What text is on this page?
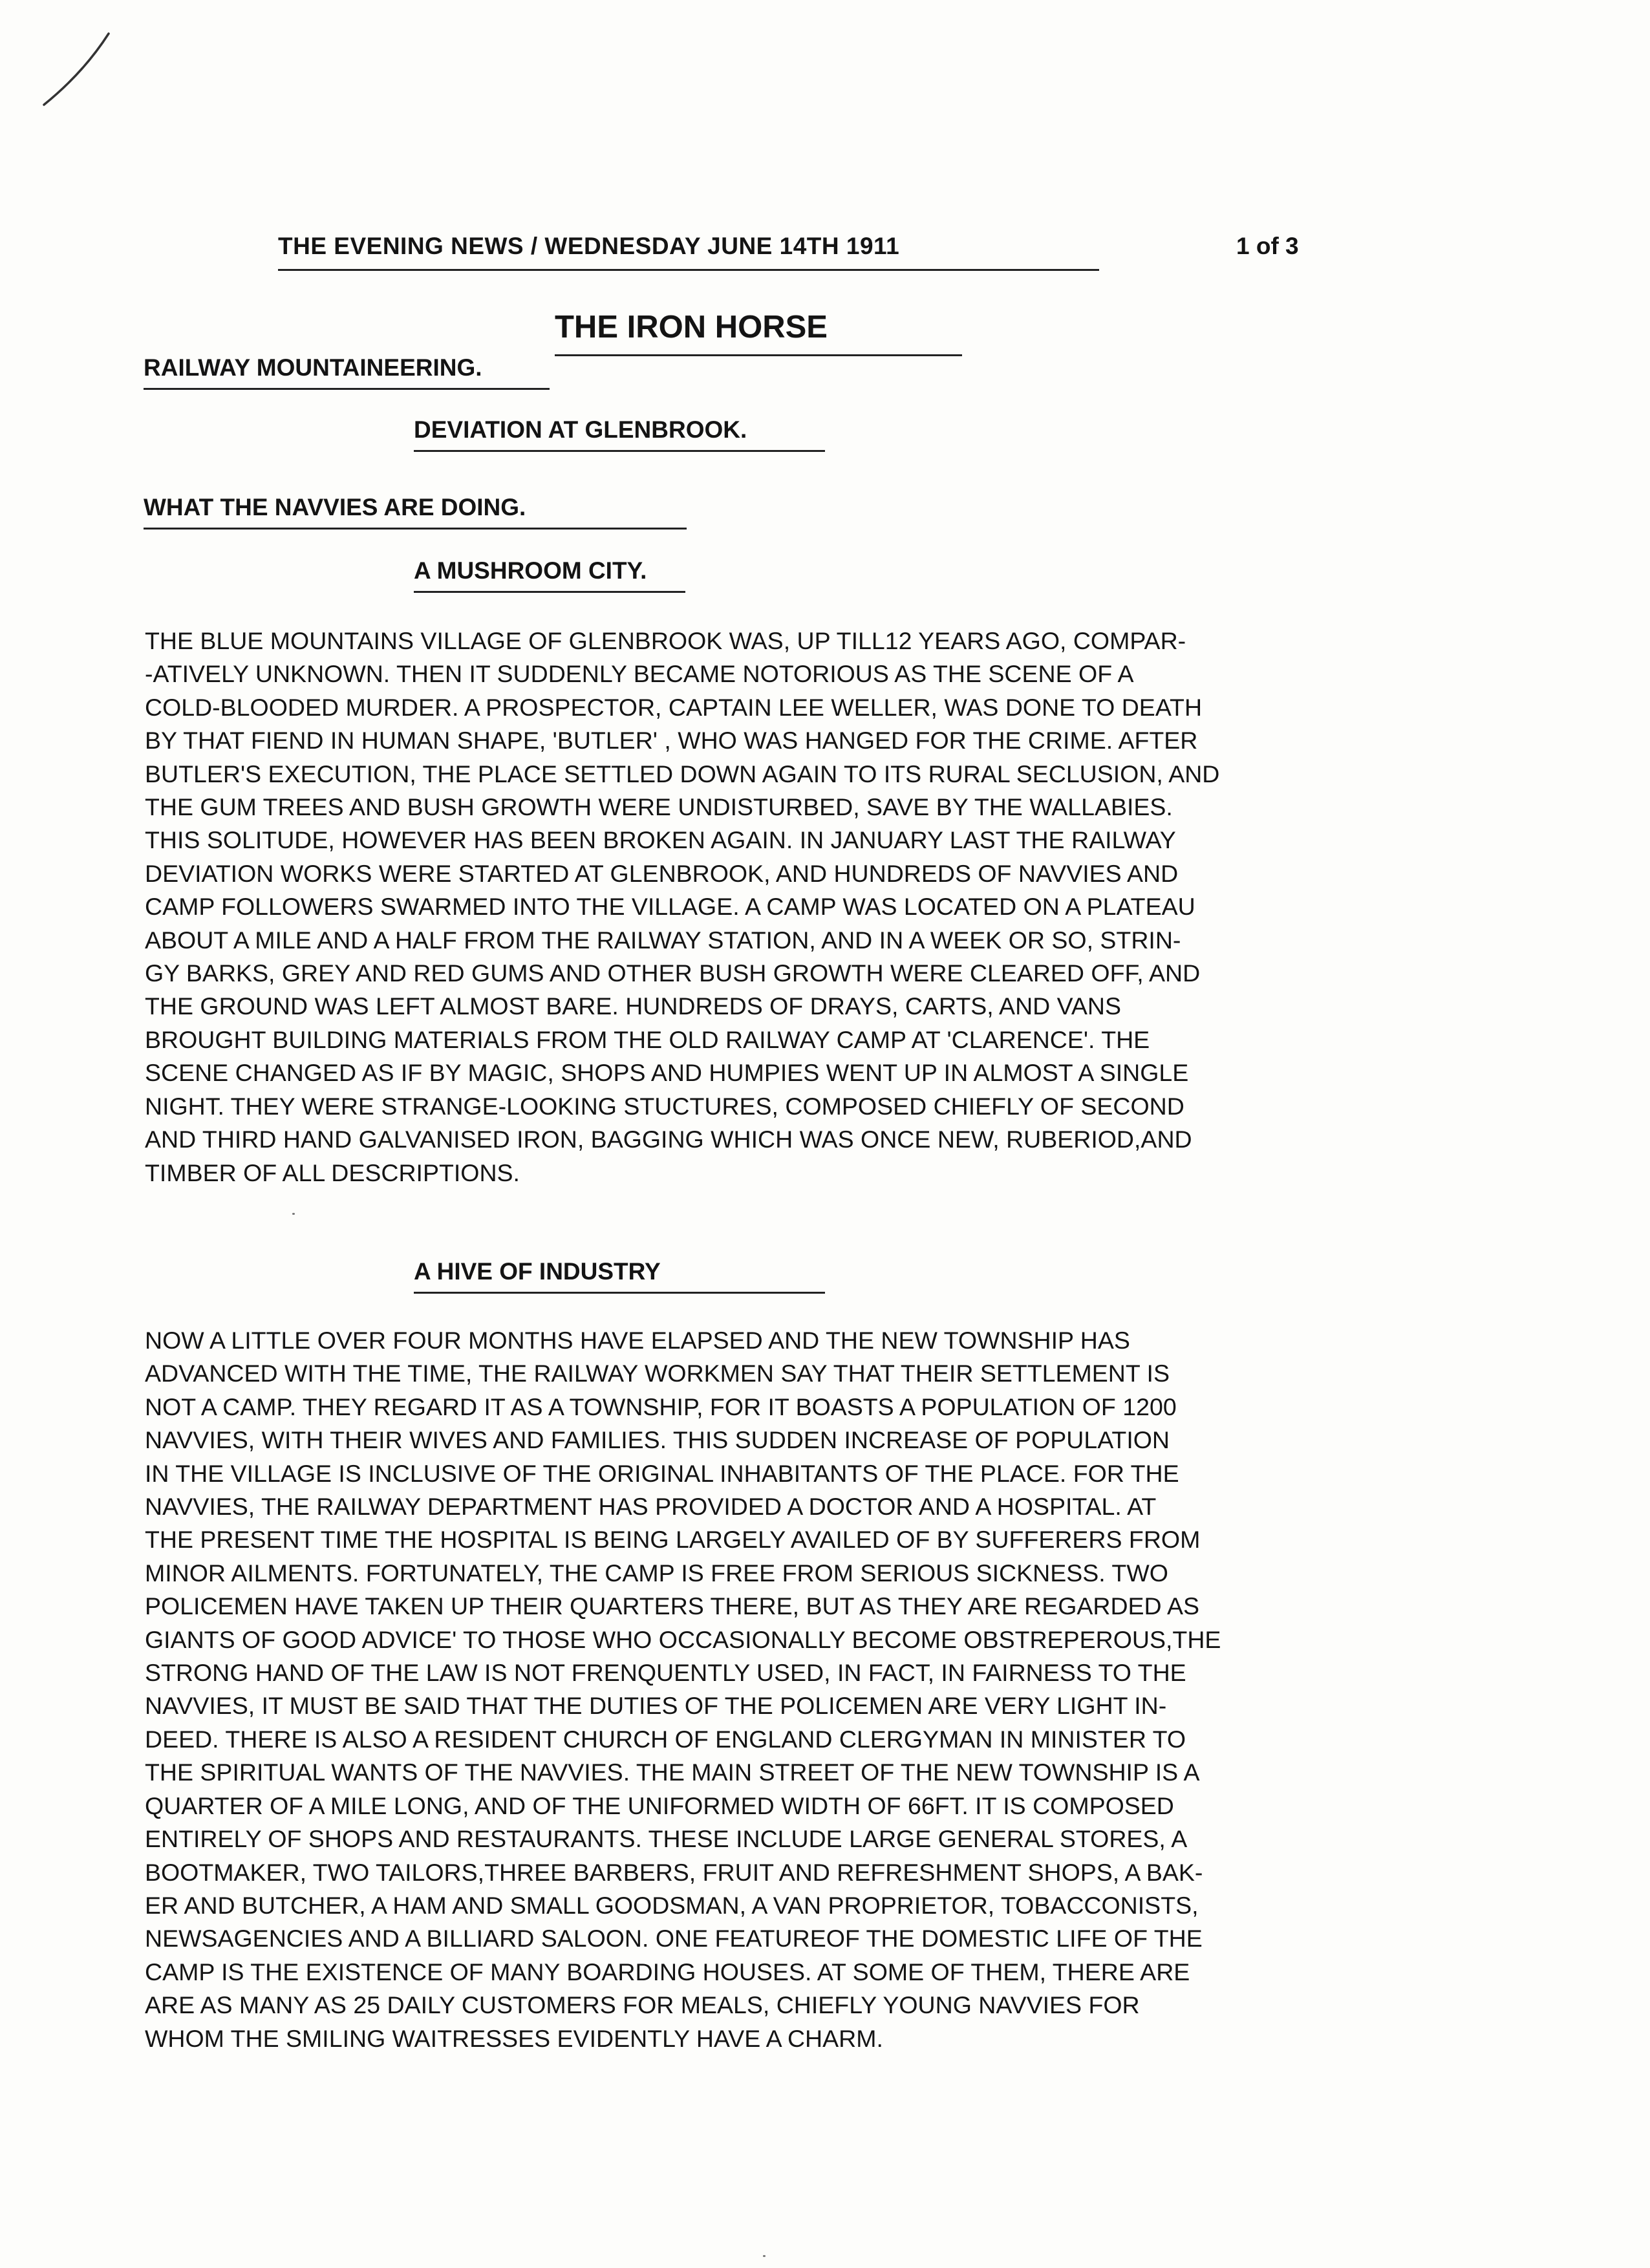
THE EVENING NEWS / WEDNESDAY JUNE 14TH 1911	1 of 3
THE IRON HORSE
RAILWAY MOUNTAINEERING.
DEVIATION AT GLENBROOK.
WHAT THE NAVVIES ARE DOING.
A MUSHROOM CITY.
THE BLUE MOUNTAINS VILLAGE OF GLENBROOK WAS, UP TILL12 YEARS AGO, COMPAR-
-ATIVELY UNKNOWN. THEN IT SUDDENLY BECAME NOTORIOUS AS THE SCENE OF A
COLD-BLOODED MURDER. A PROSPECTOR, CAPTAIN LEE WELLER, WAS DONE TO DEATH
BY THAT FIEND IN HUMAN SHAPE, 'BUTLER' , WHO WAS HANGED FOR THE CRIME. AFTER
BUTLER'S EXECUTION, THE PLACE SETTLED DOWN AGAIN TO ITS RURAL SECLUSION, AND
THE GUM TREES AND BUSH GROWTH WERE UNDISTURBED, SAVE BY THE WALLABIES.
THIS SOLITUDE, HOWEVER HAS BEEN BROKEN AGAIN. IN JANUARY LAST THE RAILWAY
DEVIATION WORKS WERE STARTED AT GLENBROOK, AND HUNDREDS OF NAVVIES AND
CAMP FOLLOWERS SWARMED INTO THE VILLAGE. A CAMP WAS LOCATED ON A PLATEAU
ABOUT A MILE AND A HALF FROM THE RAILWAY STATION, AND IN A WEEK OR SO, STRIN-
GY BARKS, GREY AND RED GUMS AND OTHER BUSH GROWTH WERE CLEARED OFF, AND
THE GROUND WAS LEFT ALMOST BARE. HUNDREDS OF DRAYS, CARTS, AND VANS
BROUGHT BUILDING MATERIALS FROM THE OLD RAILWAY CAMP AT 'CLARENCE'. THE
SCENE CHANGED AS IF BY MAGIC, SHOPS AND HUMPIES WENT UP IN ALMOST A SINGLE
NIGHT. THEY WERE STRANGE-LOOKING STUCTURES, COMPOSED CHIEFLY OF SECOND
AND THIRD HAND GALVANISED IRON, BAGGING WHICH WAS ONCE NEW, RUBERIOD,AND
TIMBER OF ALL DESCRIPTIONS.
A HIVE OF INDUSTRY
NOW A LITTLE OVER FOUR MONTHS HAVE ELAPSED AND THE NEW TOWNSHIP HAS
ADVANCED WITH THE TIME, THE RAILWAY WORKMEN SAY THAT THEIR SETTLEMENT IS
NOT A CAMP. THEY REGARD IT AS A TOWNSHIP, FOR IT BOASTS A POPULATION OF 1200
NAVVIES, WITH THEIR WIVES AND FAMILIES. THIS SUDDEN INCREASE OF POPULATION
IN THE VILLAGE IS INCLUSIVE OF THE ORIGINAL INHABITANTS OF THE PLACE. FOR THE
NAVVIES, THE RAILWAY DEPARTMENT HAS PROVIDED A DOCTOR AND A HOSPITAL. AT
THE PRESENT TIME THE HOSPITAL IS BEING LARGELY AVAILED OF BY SUFFERERS FROM
MINOR AILMENTS. FORTUNATELY, THE CAMP IS FREE FROM SERIOUS SICKNESS. TWO
POLICEMEN HAVE TAKEN UP THEIR QUARTERS THERE, BUT AS THEY ARE REGARDED AS
GIANTS OF GOOD ADVICE' TO THOSE WHO OCCASIONALLY BECOME OBSTREPEROUS,THE
STRONG HAND OF THE LAW IS NOT FRENQUENTLY USED, IN FACT, IN FAIRNESS TO THE
NAVVIES, IT MUST BE SAID THAT THE DUTIES OF THE POLICEMEN ARE VERY LIGHT IN-
DEED. THERE IS ALSO A RESIDENT CHURCH OF ENGLAND CLERGYMAN IN MINISTER TO
THE SPIRITUAL WANTS OF THE NAVVIES. THE MAIN STREET OF THE NEW TOWNSHIP IS A
QUARTER OF A MILE LONG, AND OF THE UNIFORMED WIDTH OF 66FT. IT IS COMPOSED
ENTIRELY OF SHOPS AND RESTAURANTS. THESE INCLUDE LARGE GENERAL STORES, A
BOOTMAKER, TWO TAILORS,THREE BARBERS, FRUIT AND REFRESHMENT SHOPS, A BAK-
ER AND BUTCHER, A HAM AND SMALL GOODSMAN, A VAN PROPRIETOR, TOBACCONISTS,
NEWSAGENCIES AND A BILLIARD SALOON. ONE FEATUREOF THE DOMESTIC LIFE OF THE
CAMP IS THE EXISTENCE OF MANY BOARDING HOUSES. AT SOME OF THEM, THERE ARE
ARE AS MANY AS 25 DAILY CUSTOMERS FOR MEALS, CHIEFLY YOUNG NAVVIES FOR
WHOM THE SMILING WAITRESSES EVIDENTLY HAVE A CHARM.
